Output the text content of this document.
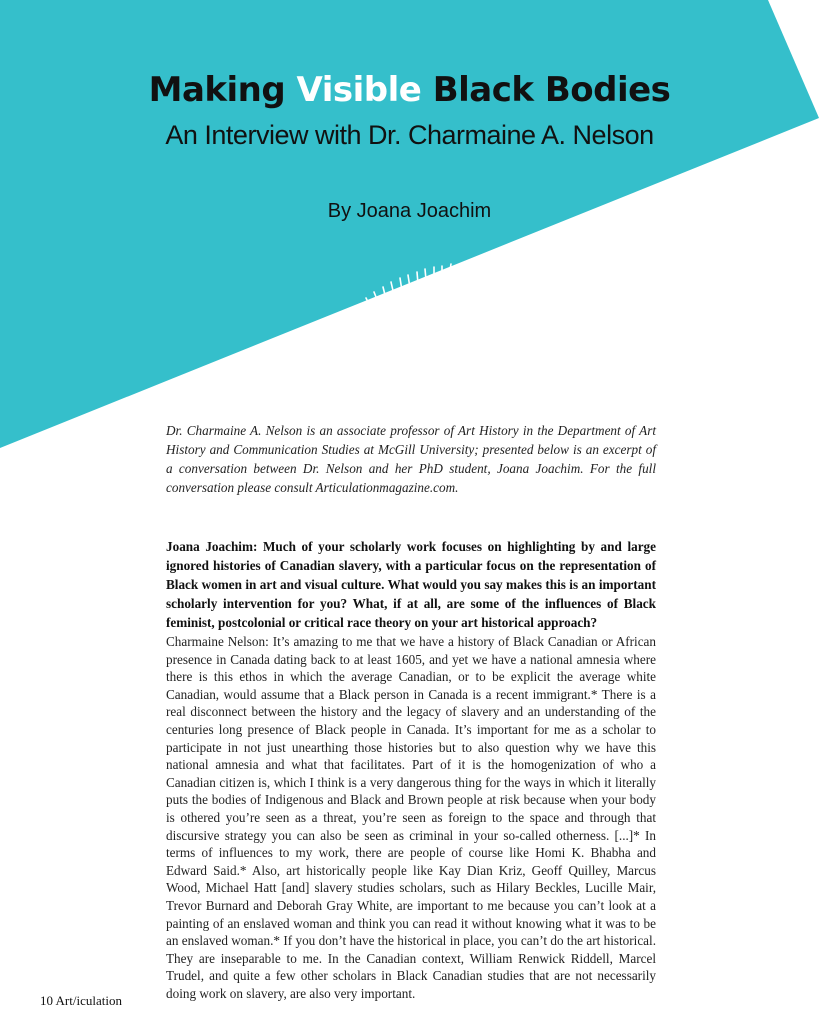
Making Visible Black Bodies
An Interview with Dr. Charmaine A. Nelson
By Joana Joachim

Dr. Charmaine A. Nelson is an associate professor of Art History in the Department of Art History and Communication Studies at McGill University; presented below is an excerpt of a conversation between Dr. Nelson and her PhD student, Joana Joachim. For the full conversation please consult Articulationmagazine.com.

Joana Joachim: Much of your scholarly work focuses on highlighting by and large ignored histories of Canadian slavery, with a particular focus on the representation of Black women in art and visual culture. What would you say makes this is an important scholarly intervention for you? What, if at all, are some of the influences of Black feminist, postcolonial or critical race theory on your art historical approach?

Charmaine Nelson: It’s amazing to me that we have a history of Black Canadian or African presence in Canada dating back to at least 1605, and yet we have a national amnesia where there is this ethos in which the average Canadian, or to be explicit the average white Canadian, would assume that a Black person in Canada is a recent immigrant.* There is a real disconnect between the history and the legacy of slavery and an understanding of the centuries long presence of Black people in Canada. It’s important for me as a scholar to participate in not just unearthing those histories but to also question why we have this national amnesia and what that facilitates. Part of it is the homogenization of who a Canadian citizen is, which I think is a very dangerous thing for the ways in which it literally puts the bodies of Indigenous and Black and Brown people at risk because when your body is othered you’re seen as a threat, you’re seen as foreign to the space and through that discursive strategy you can also be seen as criminal in your so-called otherness. [...]* In terms of influences to my work, there are people of course like Homi K. Bhabha and Edward Said.* Also, art historically people like Kay Dian Kriz, Geoff Quilley, Marcus Wood, Michael Hatt [and] slavery studies scholars, such as Hilary Beckles, Lucille Mair, Trevor Burnard and Deborah Gray White, are important to me because you can’t look at a painting of an enslaved woman and think you can read it without knowing what it was to be an enslaved woman.* If you don’t have the historical in place, you can’t do the art historical. They are inseparable to me. In the Canadian context, William Renwick Riddell, Marcel Trudel, and quite a few other scholars in Black Canadian studies that are not necessarily doing work on slavery, are also very important.

10 Art/iculation
